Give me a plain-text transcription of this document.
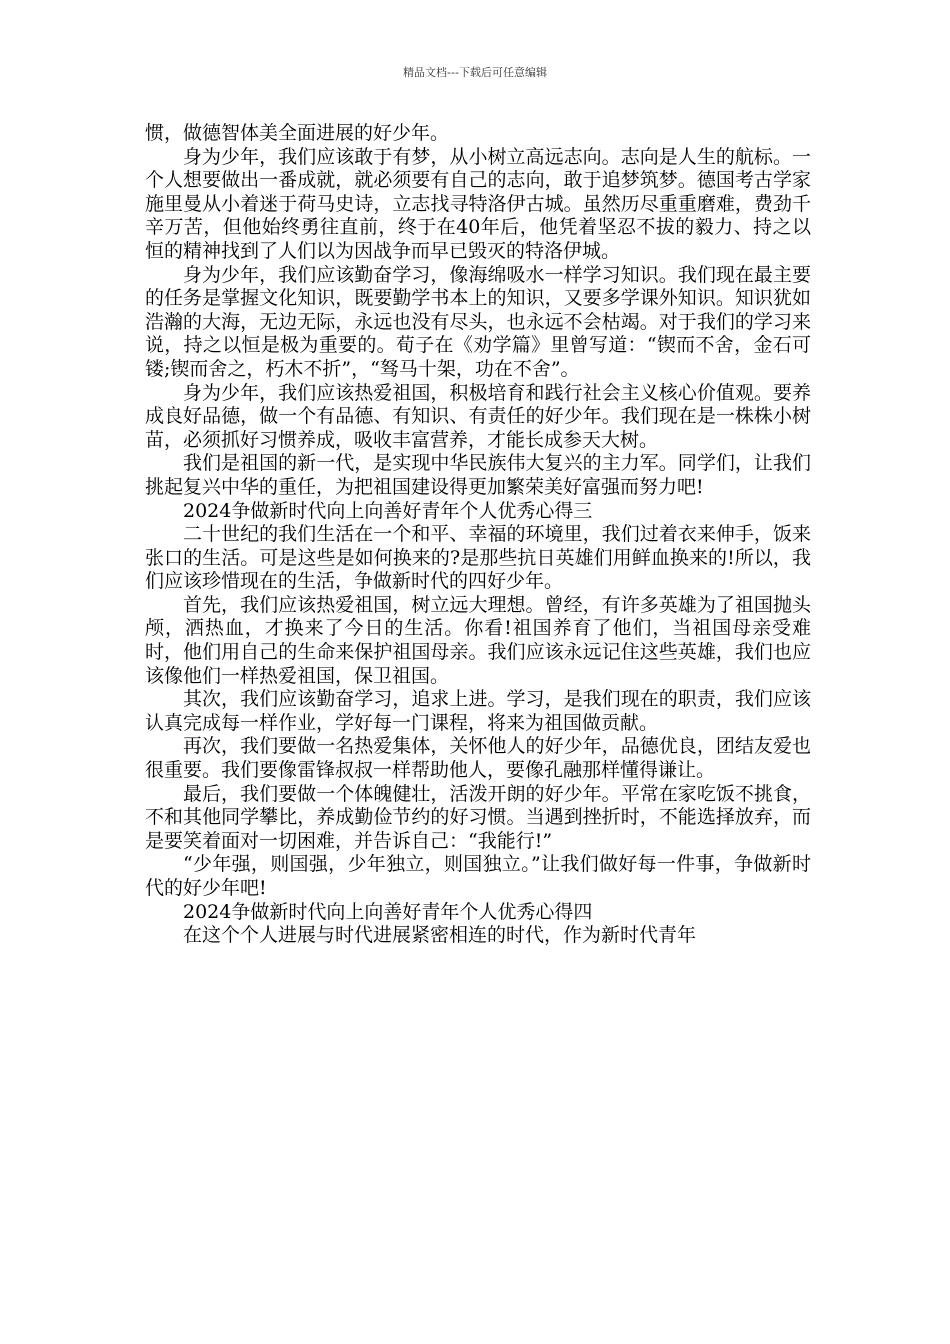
精品文档---下载后可任意编辑

惯，做德智体美全面进展的好少年。

身为少年，我们应该敢于有梦，从小树立高远志向。志向是人生的航标。一个人想要做出一番成就，就必须要有自己的志向，敢于追梦筑梦。德国考古学家施里曼从小着迷于荷马史诗，立志找寻特洛伊古城。虽然历尽重重磨难，费劲千辛万苦，但他始终勇往直前，终于在40年后，他凭着坚忍不拔的毅力、持之以恒的精神找到了人们以为因战争而早已毁灭的特洛伊城。

身为少年，我们应该勤奋学习，像海绵吸水一样学习知识。我们现在最主要的任务是掌握文化知识，既要勤学书本上的知识，又要多学课外知识。知识犹如浩瀚的大海，无边无际，永远也没有尽头，也永远不会枯竭。对于我们的学习来说，持之以恒是极为重要的。荀子在《劝学篇》里曾写道：“锲而不舍，金石可镂;锲而舍之，朽木不折”，“驽马十架，功在不舍”。

身为少年，我们应该热爱祖国，积极培育和践行社会主义核心价值观。要养成良好品德，做一个有品德、有知识、有责任的好少年。我们现在是一株株小树苗，必须抓好习惯养成，吸收丰富营养，才能长成参天大树。

我们是祖国的新一代，是实现中华民族伟大复兴的主力军。同学们，让我们挑起复兴中华的重任，为把祖国建设得更加繁荣美好富强而努力吧!

2024争做新时代向上向善好青年个人优秀心得三

二十世纪的我们生活在一个和平、幸福的环境里，我们过着衣来伸手，饭来张口的生活。可是这些是如何换来的?是那些抗日英雄们用鲜血换来的!所以，我们应该珍惜现在的生活，争做新时代的四好少年。

首先，我们应该热爱祖国，树立远大理想。曾经，有许多英雄为了祖国抛头颅，洒热血，才换来了今日的生活。你看!祖国养育了他们，当祖国母亲受难时，他们用自己的生命来保护祖国母亲。我们应该永远记住这些英雄，我们也应该像他们一样热爱祖国，保卫祖国。

其次，我们应该勤奋学习，追求上进。学习，是我们现在的职责，我们应该认真完成每一样作业，学好每一门课程，将来为祖国做贡献。

再次，我们要做一名热爱集体，关怀他人的好少年，品德优良，团结友爱也很重要。我们要像雷锋叔叔一样帮助他人，要像孔融那样懂得谦让。

最后，我们要做一个体魄健壮，活泼开朗的好少年。平常在家吃饭不挑食，不和其他同学攀比，养成勤俭节约的好习惯。当遇到挫折时，不能选择放弃，而是要笑着面对一切困难，并告诉自己：“我能行!”

“少年强，则国强，少年独立，则国独立。”让我们做好每一件事，争做新时代的好少年吧!

2024争做新时代向上向善好青年个人优秀心得四

在这个个人进展与时代进展紧密相连的时代，作为新时代青年
